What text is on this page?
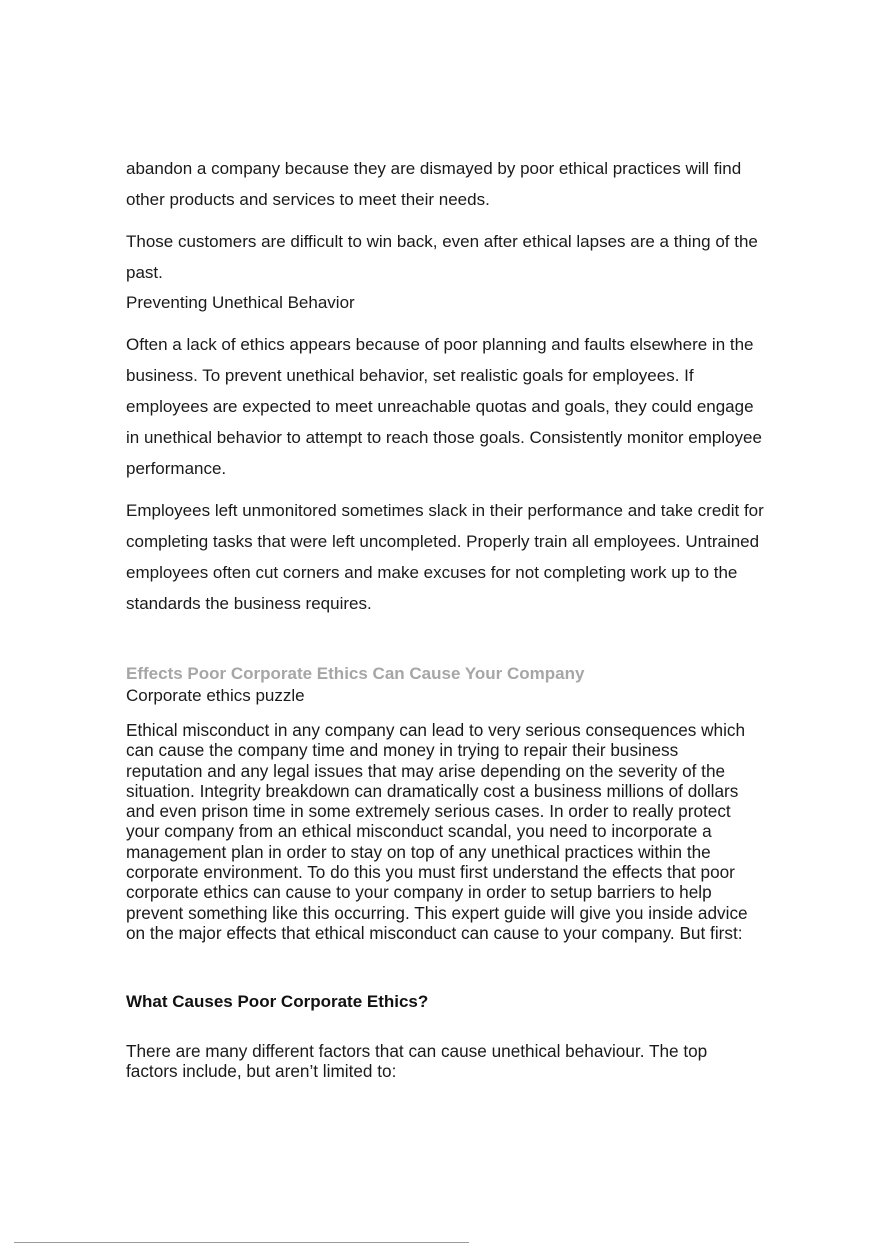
abandon a company because they are dismayed by poor ethical practices will find other products and services to meet their needs.

Those customers are difficult to win back, even after ethical lapses are a thing of the past.

Preventing Unethical Behavior

Often a lack of ethics appears because of poor planning and faults elsewhere in the business. To prevent unethical behavior, set realistic goals for employees. If employees are expected to meet unreachable quotas and goals, they could engage in unethical behavior to attempt to reach those goals. Consistently monitor employee performance.

Employees left unmonitored sometimes slack in their performance and take credit for completing tasks that were left uncompleted. Properly train all employees. Untrained employees often cut corners and make excuses for not completing work up to the standards the business requires.

Effects Poor Corporate Ethics Can Cause Your Company

Corporate ethics puzzle

Ethical misconduct in any company can lead to very serious consequences which can cause the company time and money in trying to repair their business reputation and any legal issues that may arise depending on the severity of the situation. Integrity breakdown can dramatically cost a business millions of dollars and even prison time in some extremely serious cases. In order to really protect your company from an ethical misconduct scandal, you need to incorporate a management plan in order to stay on top of any unethical practices within the corporate environment. To do this you must first understand the effects that poor corporate ethics can cause to your company in order to setup barriers to help prevent something like this occurring. This expert guide will give you inside advice on the major effects that ethical misconduct can cause to your company. But first:

What Causes Poor Corporate Ethics?

There are many different factors that can cause unethical behaviour. The top factors include, but aren’t limited to:
